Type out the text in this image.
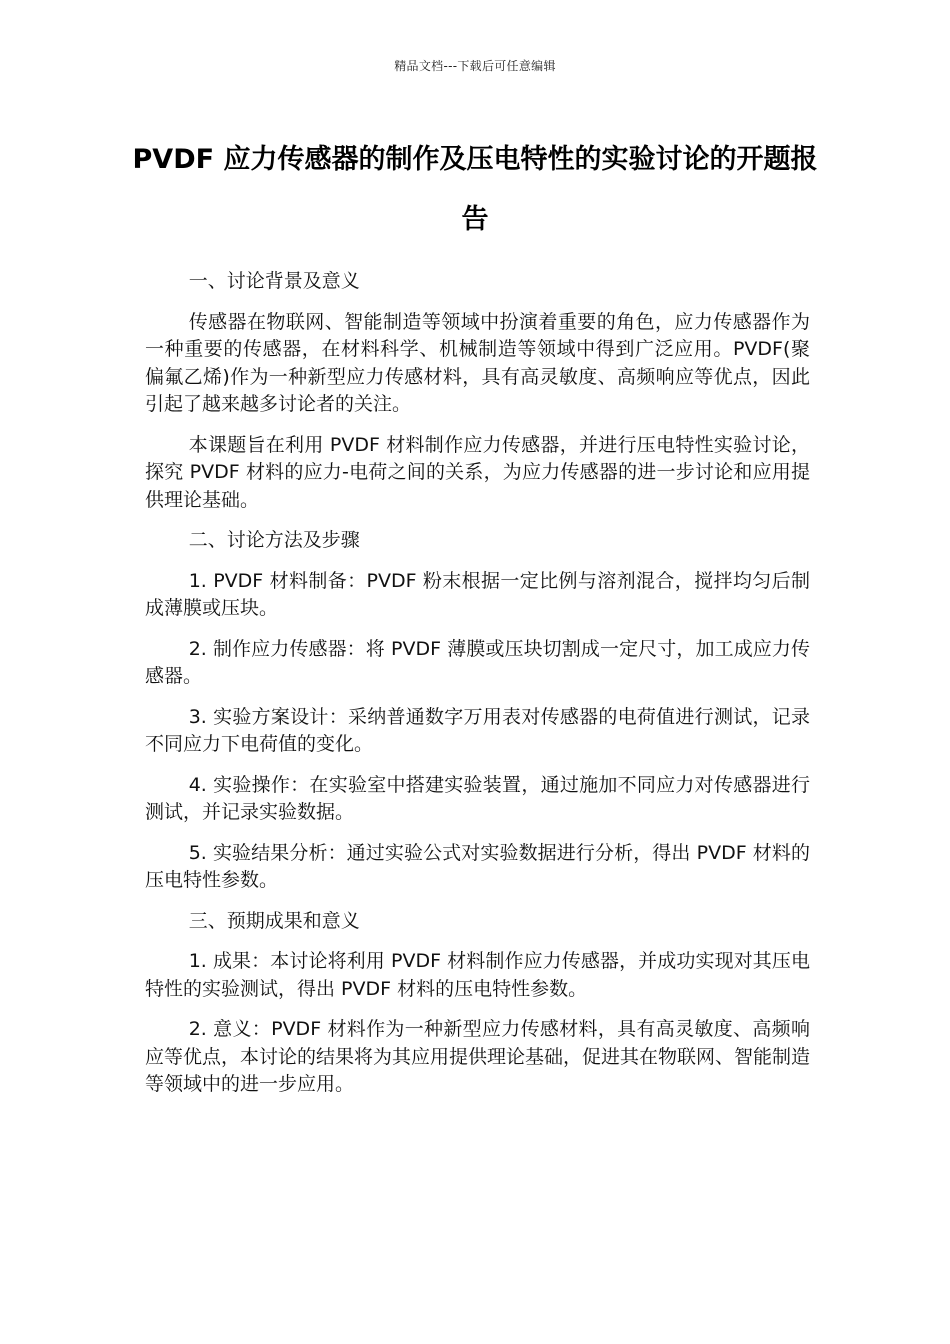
精品文档---下载后可任意编辑
PVDF 应力传感器的制作及压电特性的实验讨论的开题报告

一、讨论背景及意义

传感器在物联网、智能制造等领域中扮演着重要的角色，应力传感器作为一种重要的传感器，在材料科学、机械制造等领域中得到广泛应用。PVDF(聚偏氟乙烯)作为一种新型应力传感材料，具有高灵敏度、高频响应等优点，因此引起了越来越多讨论者的关注。

本课题旨在利用 PVDF 材料制作应力传感器，并进行压电特性实验讨论，探究 PVDF 材料的应力-电荷之间的关系，为应力传感器的进一步讨论和应用提供理论基础。

二、讨论方法及步骤

1. PVDF 材料制备：PVDF 粉末根据一定比例与溶剂混合，搅拌均匀后制成薄膜或压块。

2. 制作应力传感器：将 PVDF 薄膜或压块切割成一定尺寸，加工成应力传感器。

3. 实验方案设计：采纳普通数字万用表对传感器的电荷值进行测试，记录不同应力下电荷值的变化。

4. 实验操作：在实验室中搭建实验装置，通过施加不同应力对传感器进行测试，并记录实验数据。

5. 实验结果分析：通过实验公式对实验数据进行分析，得出 PVDF 材料的压电特性参数。

三、预期成果和意义

1. 成果：本讨论将利用 PVDF 材料制作应力传感器，并成功实现对其压电特性的实验测试，得出 PVDF 材料的压电特性参数。

2. 意义：PVDF 材料作为一种新型应力传感材料，具有高灵敏度、高频响应等优点，本讨论的结果将为其应用提供理论基础，促进其在物联网、智能制造等领域中的进一步应用。
